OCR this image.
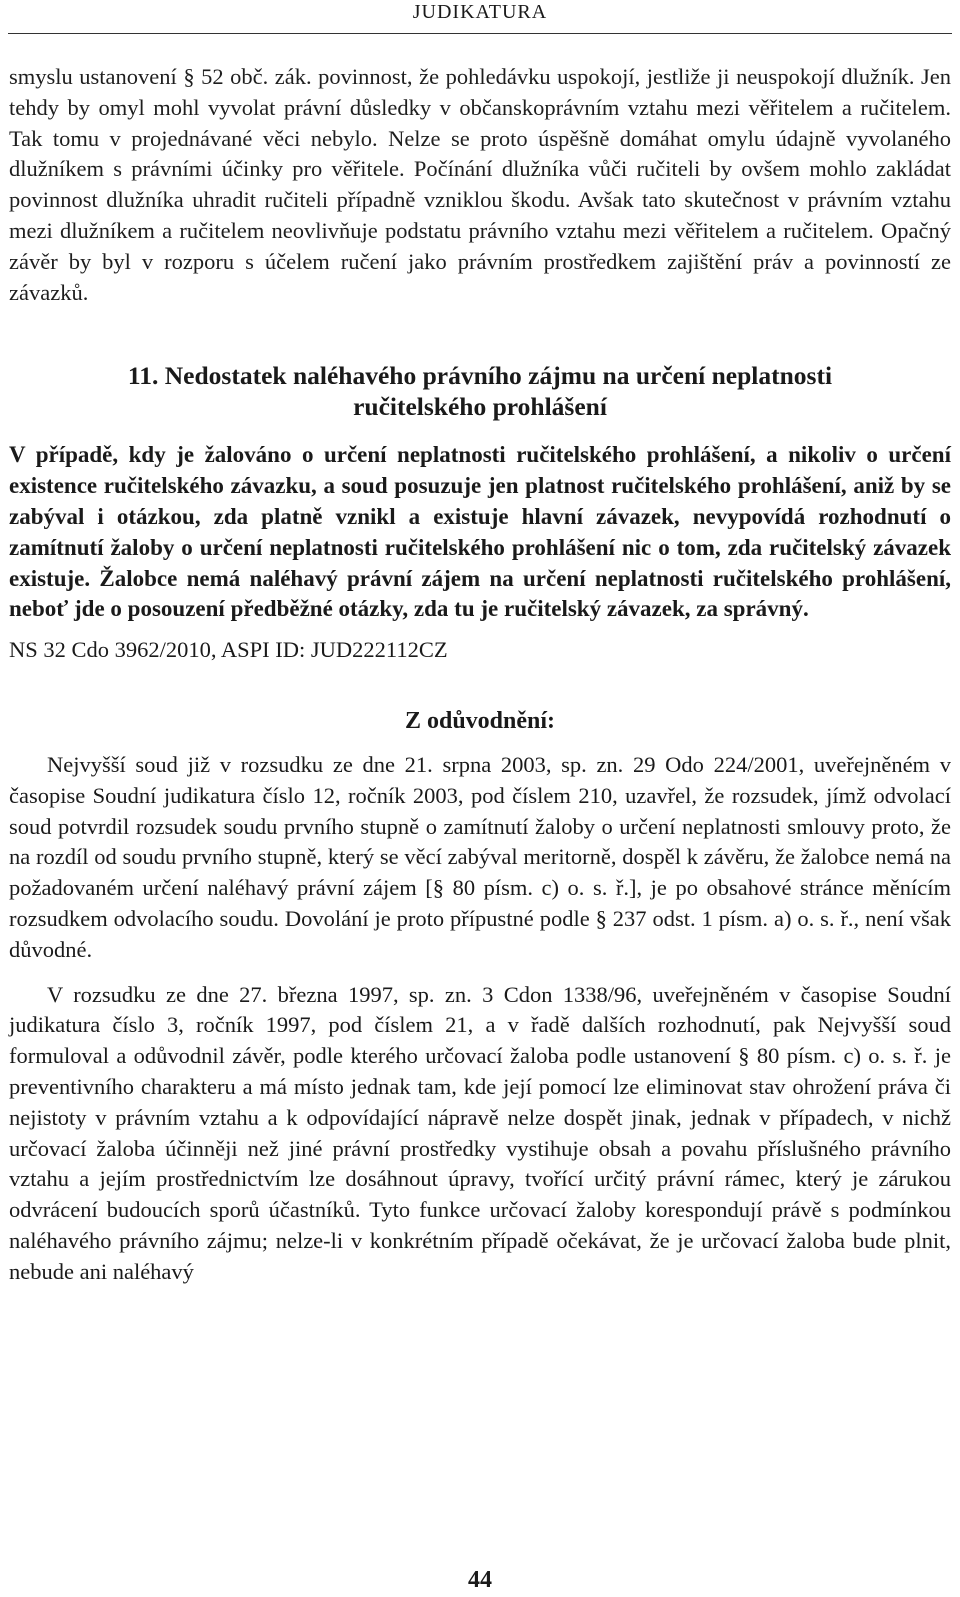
JUDIKATURA

smyslu ustanovení § 52 obč. zák. povinnost, že pohledávku uspokojí, jestliže ji neuspokojí dlužník. Jen tehdy by omyl mohl vyvolat právní důsledky v občanskoprávním vztahu mezi věřitelem a ručitelem. Tak tomu v projednávané věci nebylo. Nelze se proto úspěšně domáhat omylu údajně vyvolaného dlužníkem s právními účinky pro věřitele. Počínání dlužníka vůči ručiteli by ovšem mohlo zakládat povinnost dlužníka uhradit ručiteli případně vzniklou škodu. Avšak tato skutečnost v právním vztahu mezi dlužníkem a ručitelem neovlivňuje podstatu právního vztahu mezi věřitelem a ručitelem. Opačný závěr by byl v rozporu s účelem ručení jako právním prostředkem zajištění práv a povinností ze závazků.

11. Nedostatek naléhavého právního zájmu na určení neplatnosti
ručitelského prohlášení

V případě, kdy je žalováno o určení neplatnosti ručitelského prohlášení, a nikoliv o určení existence ručitelského závazku, a soud posuzuje jen platnost ručitelského prohlášení, aniž by se zabýval i otázkou, zda platně vznikl a existuje hlavní závazek, nevypovídá rozhodnutí o zamítnutí žaloby o určení neplatnosti ručitelského prohlášení nic o tom, zda ručitelský závazek existuje. Žalobce nemá naléhavý právní zájem na určení neplatnosti ručitelského prohlášení, neboť jde o posouzení předběžné otázky, zda tu je ručitelský závazek, za správný.

NS 32 Cdo 3962/2010, ASPI ID: JUD222112CZ

Z odůvodnění:

Nejvyšší soud již v rozsudku ze dne 21. srpna 2003, sp. zn. 29 Odo 224/2001, uveřejněném v časopise Soudní judikatura číslo 12, ročník 2003, pod číslem 210, uzavřel, že rozsudek, jímž odvolací soud potvrdil rozsudek soudu prvního stupně o zamítnutí žaloby o určení neplatnosti smlouvy proto, že na rozdíl od soudu prvního stupně, který se věcí zabýval meritorně, dospěl k závěru, že žalobce nemá na požadovaném určení naléhavý právní zájem [§ 80 písm. c) o. s. ř.], je po obsahové stránce měnícím rozsudkem odvolacího soudu. Dovolání je proto přípustné podle § 237 odst. 1 písm. a) o. s. ř., není však důvodné.

V rozsudku ze dne 27. března 1997, sp. zn. 3 Cdon 1338/96, uveřejněném v časopise Soudní judikatura číslo 3, ročník 1997, pod číslem 21, a v řadě dalších rozhodnutí, pak Nejvyšší soud formuloval a odůvodnil závěr, podle kterého určovací žaloba podle ustanovení § 80 písm. c) o. s. ř. je preventivního charakteru a má místo jednak tam, kde její pomocí lze eliminovat stav ohrožení práva či nejistoty v právním vztahu a k odpovídající nápravě nelze dospět jinak, jednak v případech, v nichž určovací žaloba účinněji než jiné právní prostředky vystihuje obsah a povahu příslušného právního vztahu a jejím prostřednictvím lze dosáhnout úpravy, tvořící určitý právní rámec, který je zárukou odvrácení budoucích sporů účastníků. Tyto funkce určovací žaloby korespondují právě s podmínkou naléhavého právního zájmu; nelze-li v konkrétním případě očekávat, že je určovací žaloba bude plnit, nebude ani naléhavý

44
